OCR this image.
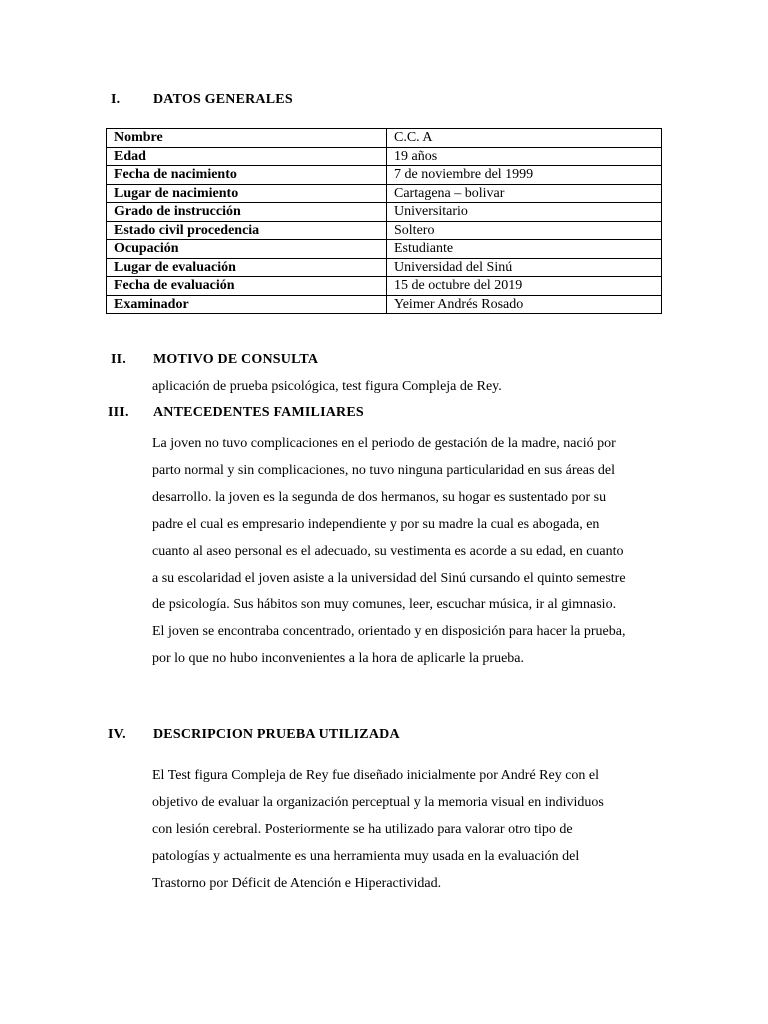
I. DATOS GENERALES
Nombre	C.C. A
Edad	19 años
Fecha de nacimiento	7 de noviembre del 1999
Lugar de nacimiento	Cartagena – bolivar
Grado de instrucción	Universitario
Estado civil procedencia	Soltero
Ocupación	Estudiante
Lugar de evaluación	Universidad del Sinú
Fecha de evaluación	15 de octubre del 2019
Examinador	Yeimer Andrés Rosado
II. MOTIVO DE CONSULTA

aplicación de prueba psicológica, test figura Compleja de Rey.

III. ANTECEDENTES FAMILIARES

La joven no tuvo complicaciones en el periodo de gestación de la madre, nació por
parto normal y sin complicaciones, no tuvo ninguna particularidad en sus áreas del
desarrollo. la joven es la segunda de dos hermanos, su hogar es sustentado por su
padre el cual es empresario independiente y por su madre la cual es abogada, en
cuanto al aseo personal es el adecuado, su vestimenta es acorde a su edad, en cuanto
a su escolaridad el joven asiste a la universidad del Sinú cursando el quinto semestre
de psicología. Sus hábitos son muy comunes, leer, escuchar música, ir al gimnasio.
El joven se encontraba concentrado, orientado y en disposición para hacer la prueba,
por lo que no hubo inconvenientes a la hora de aplicarle la prueba.

IV. DESCRIPCION PRUEBA UTILIZADA

El Test figura Compleja de Rey fue diseñado inicialmente por André Rey con el
objetivo de evaluar la organización perceptual y la memoria visual en individuos
con lesión cerebral. Posteriormente se ha utilizado para valorar otro tipo de
patologías y actualmente es una herramienta muy usada en la evaluación del
Trastorno por Déficit de Atención e Hiperactividad.
